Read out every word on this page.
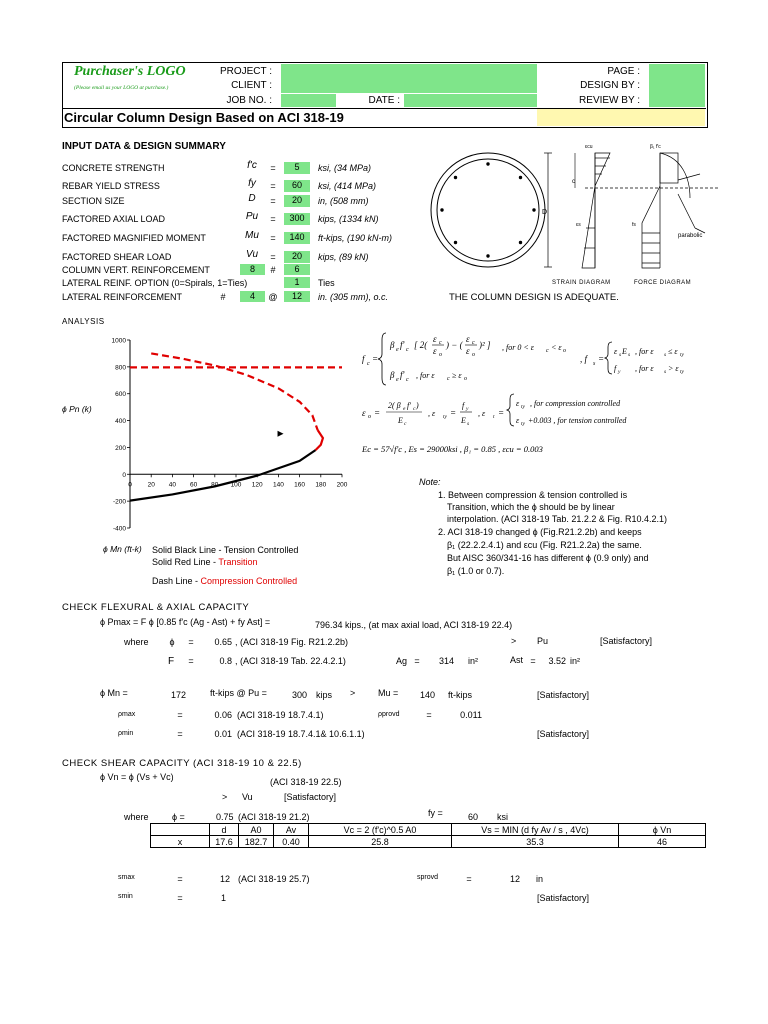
Purchaser's LOGO
(Please email us your LOGO at purchase.)
PROJECT :
CLIENT :
JOB NO. :	DATE :
PAGE :
DESIGN BY :
REVIEW BY :
Circular Column Design Based on ACI 318-19
INPUT DATA & DESIGN SUMMARY
CONCRETE STRENGTH	f'c	=	5	ksi, (34 MPa)
REBAR YIELD STRESS	fy	=	60	ksi, (414 MPa)
SECTION SIZE	D	=	20	in, (508 mm)
FACTORED AXIAL LOAD	Pu =	300	kips, (1334 kN)
FACTORED MAGNIFIED MOMENT	Mu =	140	ft-kips, (190 kN-m)
FACTORED SHEAR LOAD	Vu =	20	kips, (89 kN)
COLUMN VERT. REINFORCEMENT	8	#	6
LATERAL REINF. OPTION (0=Spirals, 1=Ties)	1	Ties
LATERAL REINFORCEMENT	#	4	@	12	in. (305 mm), o.c.	THE COLUMN DESIGN IS ADEQUATE.
D
εcu
εs
c
β₁ f'c
fs
parabolic
STRAIN DIAGRAM	FORCE DIAGRAM
ANALYSIS
ϕ Pn (k)
-400
-200
0
200
400
600
800
1000
0 20 40 60 80 100 120 140 160 180 200
ϕ Mn (ft-k) Solid Black Line - Tension Controlled
Solid Red Line - Transition
Dash Line - Compression Controlled
f c =
β e f' c [ 2(
ε c
ε o
) − (
ε c
ε o
)² ] , for 0 < ε c < ε o
β e f' c , for ε c ≥ ε o
, f s =
ε s E s , for ε s ≤ ε ty
f y , for ε s > ε ty
ε o =
2( β e f' c )
E c
, ε ty =
f y
E s
, ε t =
ε ty , for compression controlled
ε ty +0.003 , for tension controlled
Ec = 57√f'c , Es = 29000ksi , β₁ = 0.85 , εcu = 0.003
Note:
1. Between compression & tension controlled is
Transition, which the ϕ should be by linear
interpolation. (ACI 318-19 Tab. 21.2.2 & Fig. R10.4.2.1)
2. ACI 318-19 changed ϕ (Fig.R21.2.2b) and keeps
β₁ (22.2.2.4.1) and εcu (Fig. R21.2.2a) the same.
But AISC 360/341-16 has different ϕ (0.9 only) and
β₁ (1.0 or 0.7).
CHECK FLEXURAL & AXIAL CAPACITY
ϕ Pmax = F ϕ [0.85 f'c (Ag - Ast) + fy Ast] =	796.34 kips., (at max axial load, ACI 318-19 22.4)
> Pu	[Satisfactory]
where ϕ =	0.65 , (ACI 318-19 Fig. R21.2.2b)
F	=	0.8 , (ACI 318-19 Tab. 22.4.2.1)	Ag =	314 in²	Ast =	3.52 in²
ϕ Mn =	172	ft-kips @ Pu =	300 kips >	Mu =	140 ft-kips	[Satisfactory]
ρmax	=	0.06 (ACI 318-19 18.7.4.1)	ρprovd	=	0.011
ρmin	=	0.01 (ACI 318-19 18.7.4.1& 10.6.1.1)	[Satisfactory]
CHECK SHEAR CAPACITY (ACI 318-19 10 & 22.5)
ϕ Vn = ϕ (Vs + Vc)	(ACI 318-19 22.5)
> Vu	[Satisfactory]
where	ϕ =	0.75 (ACI 318-19 21.2)	fy =	60 ksi
	d	A0	Av	Vc = 2 (f'c)^0.5 A0	Vs = MIN (d fy Av / s , 4Vc)	ϕ Vn
x	17.6	182.7	0.40	25.8	35.3	46
smax	=	12 (ACI 318-19 25.7)	sprovd	=	12 in
smin	=	1	[Satisfactory]
